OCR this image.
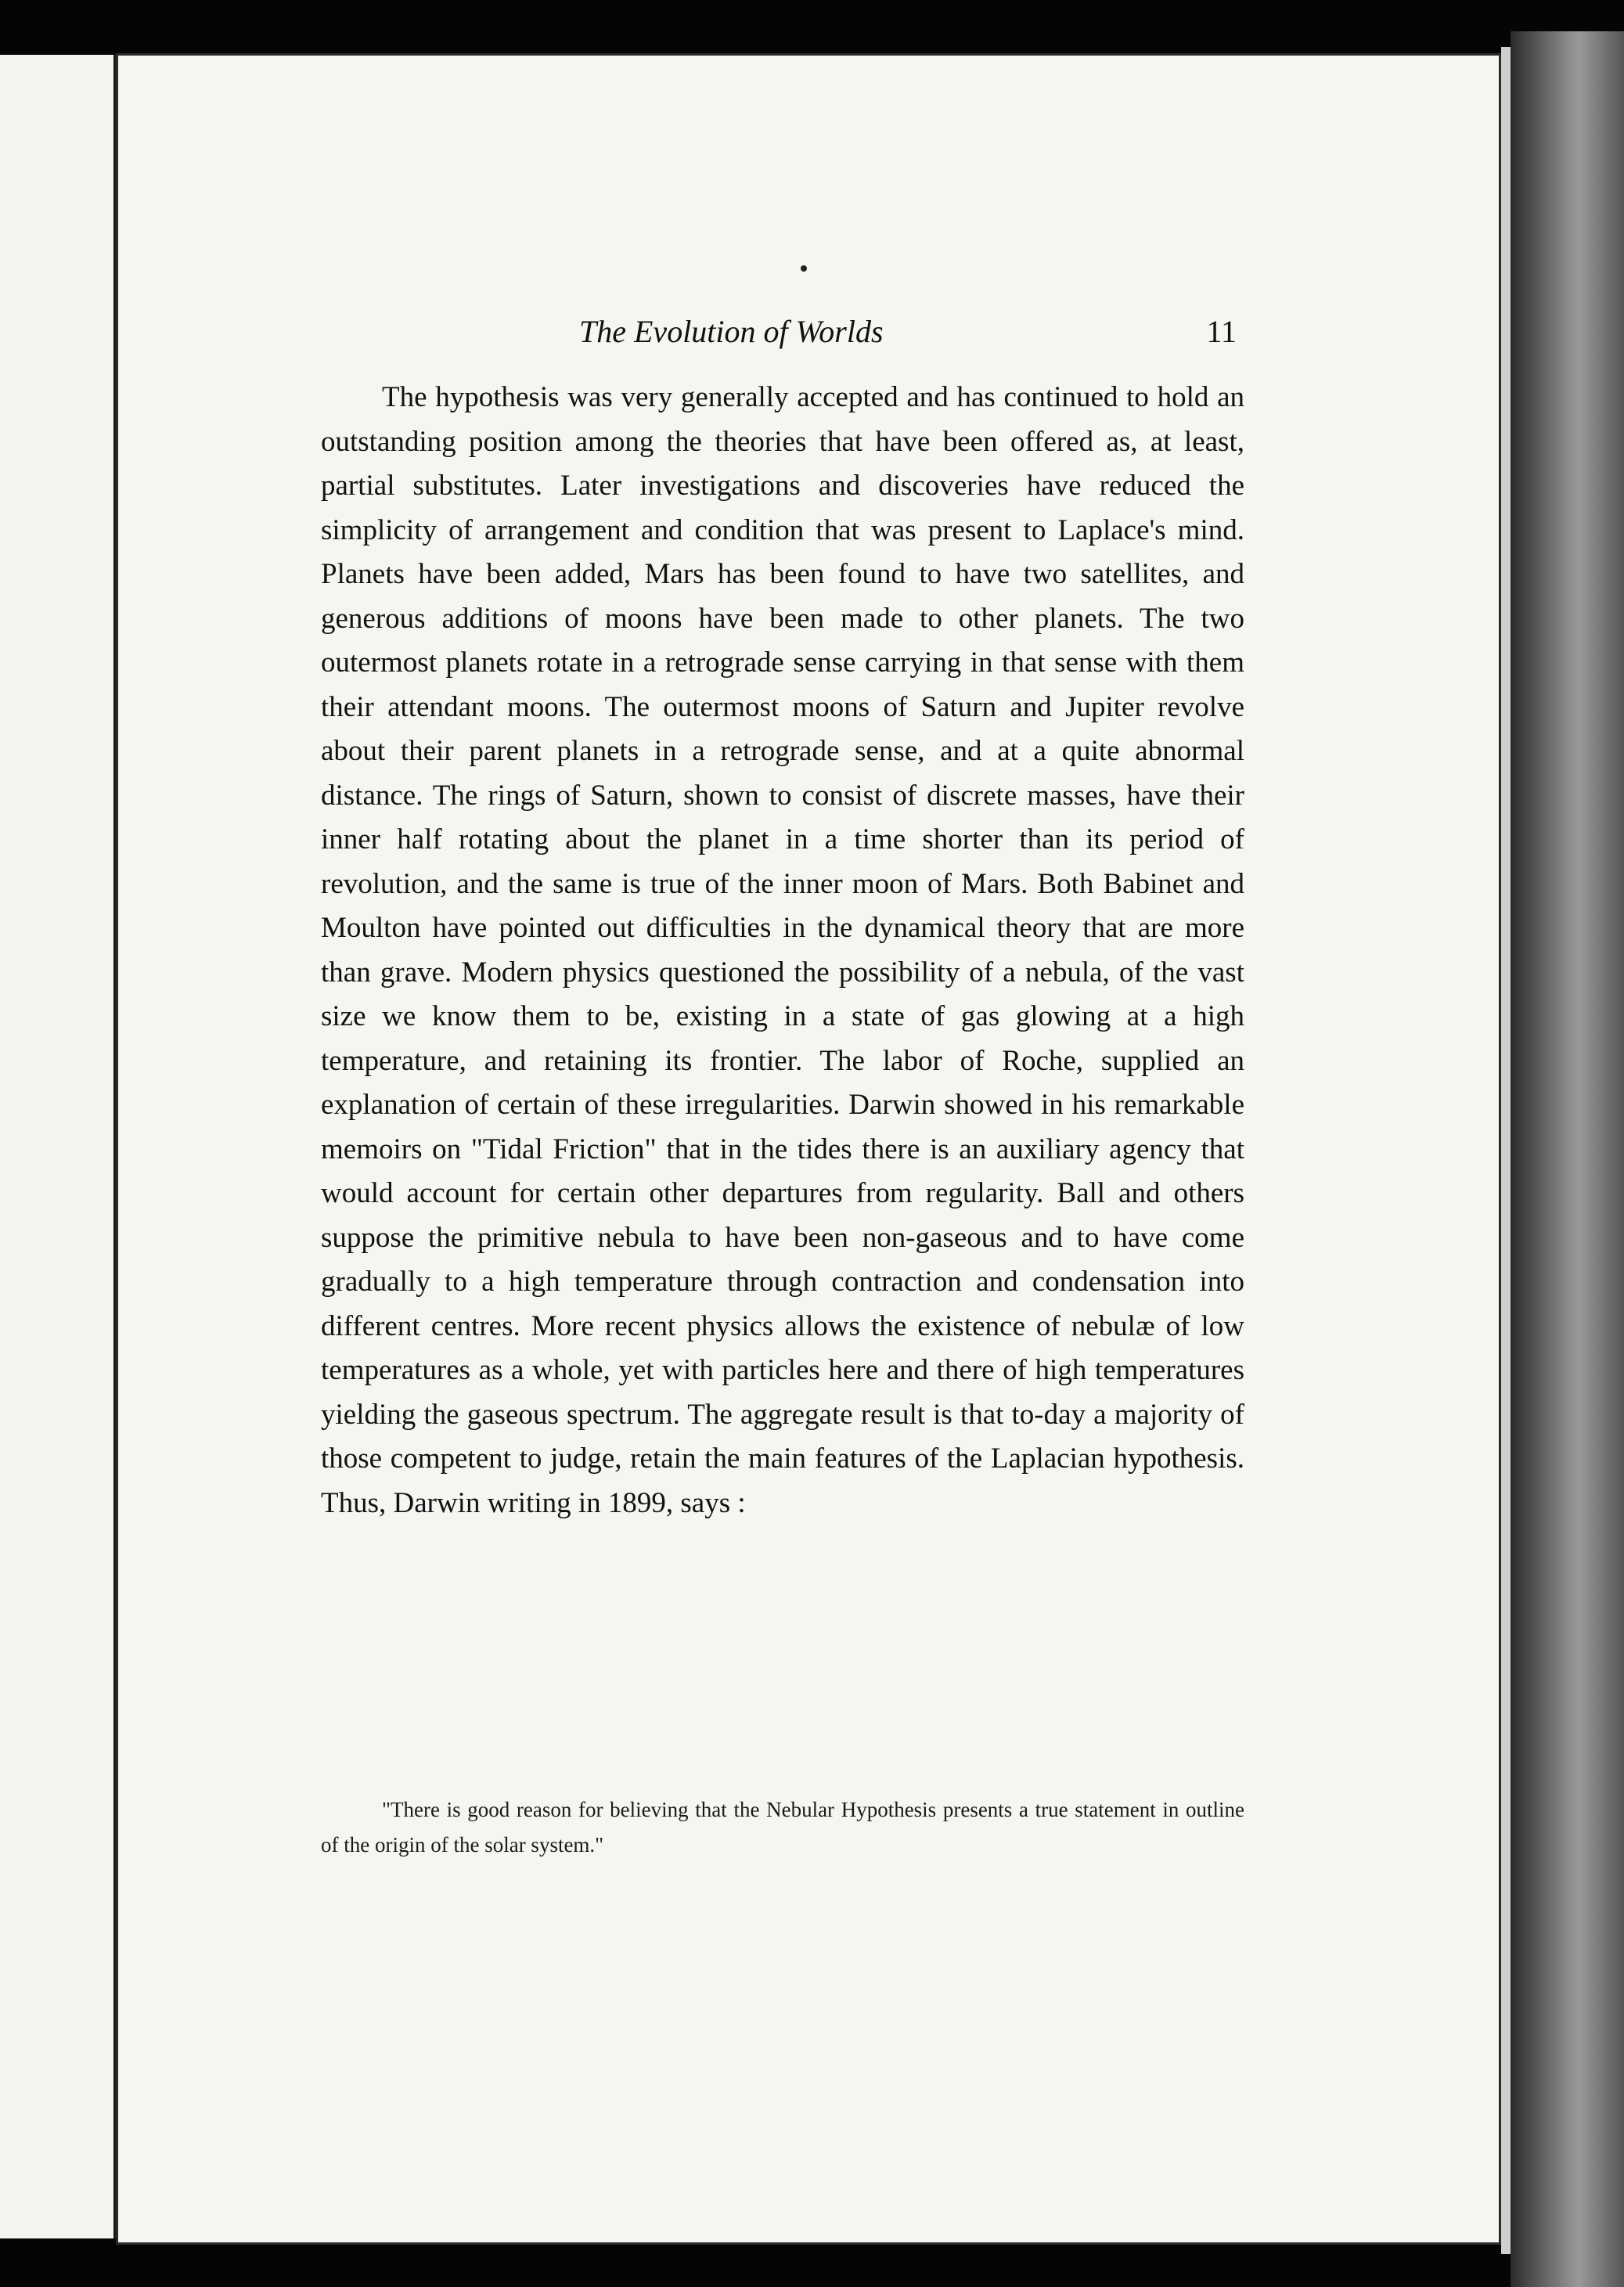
The Evolution of Worlds	11

The hypothesis was very generally accepted and has continued to hold an outstanding position among the theories that have been offered as, at least, partial substitutes. Later investigations and discoveries have reduced the simplicity of arrangement and condition that was present to Laplace's mind. Planets have been added, Mars has been found to have two satellites, and generous additions of moons have been made to other planets. The two outermost planets rotate in a retrograde sense carrying in that sense with them their attendant moons. The outermost moons of Saturn and Jupiter revolve about their parent planets in a retrograde sense, and at a quite abnormal distance. The rings of Saturn, shown to consist of discrete masses, have their inner half rotating about the planet in a time shorter than its period of revolution, and the same is true of the inner moon of Mars. Both Babinet and Moulton have pointed out difficulties in the dynamical theory that are more than grave. Modern physics questioned the possibility of a nebula, of the vast size we know them to be, existing in a state of gas glowing at a high temperature, and retaining its frontier. The labor of Roche, supplied an explanation of certain of these irregularities. Darwin showed in his remarkable memoirs on "Tidal Friction" that in the tides there is an auxiliary agency that would account for certain other departures from regularity. Ball and others suppose the primitive nebula to have been non-gaseous and to have come gradually to a high temperature through contraction and condensation into different centres. More recent physics allows the existence of nebulæ of low temperatures as a whole, yet with particles here and there of high temperatures yielding the gaseous spectrum. The aggregate result is that to-day a majority of those competent to judge, retain the main features of the Laplacian hypothesis. Thus, Darwin writing in 1899, says :

"There is good reason for believing that the Nebular Hypothesis presents a true statement in outline of the origin of the solar system."
